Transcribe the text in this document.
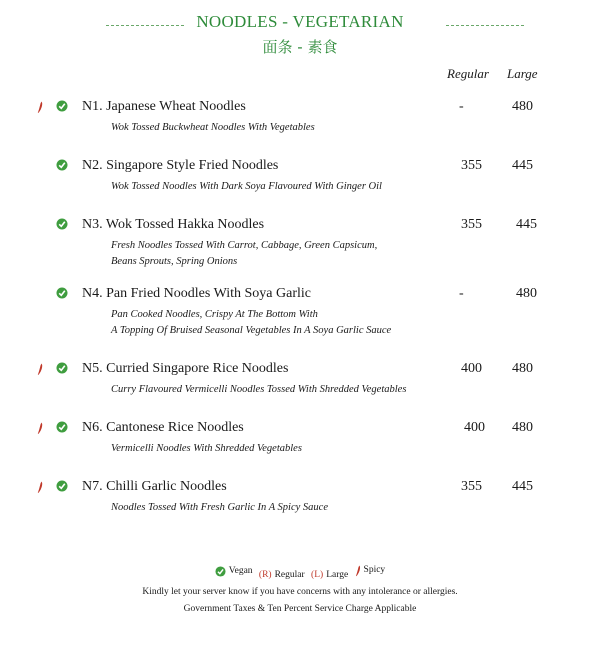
NOODLES - VEGETARIAN
面条 - 素食
Regular Large
N1. Japanese Wheat Noodles
Wok Tossed Buckwheat Noodles With Vegetables
-	480
N2. Singapore Style Fried Noodles
Wok Tossed Noodles With Dark Soya Flavoured With Ginger Oil
355 445
N3. Wok Tossed Hakka Noodles
Fresh Noodles Tossed With Carrot, Cabbage, Green Capsicum,
Beans Sprouts, Spring Onions
355 445
N4. Pan Fried Noodles With Soya Garlic
Pan Cooked Noodles, Crispy At The Bottom With
A Topping Of Bruised Seasonal Vegetables In A Soya Garlic Sauce
-	480
N5. Curried Singapore Rice Noodles
Curry Flavoured Vermicelli Noodles Tossed With Shredded Vegetables
400 480
N6. Cantonese Rice Noodles
Vermicelli Noodles With Shredded Vegetables
400 480
N7. Chilli Garlic Noodles
Noodles Tossed With Fresh Garlic In A Spicy Sauce
355 445
Vegan
(R) Regular
(L) Large
Spicy
Kindly let your server know if you have concerns with any intolerance or allergies.
Government Taxes & Ten Percent Service Charge Applicable
